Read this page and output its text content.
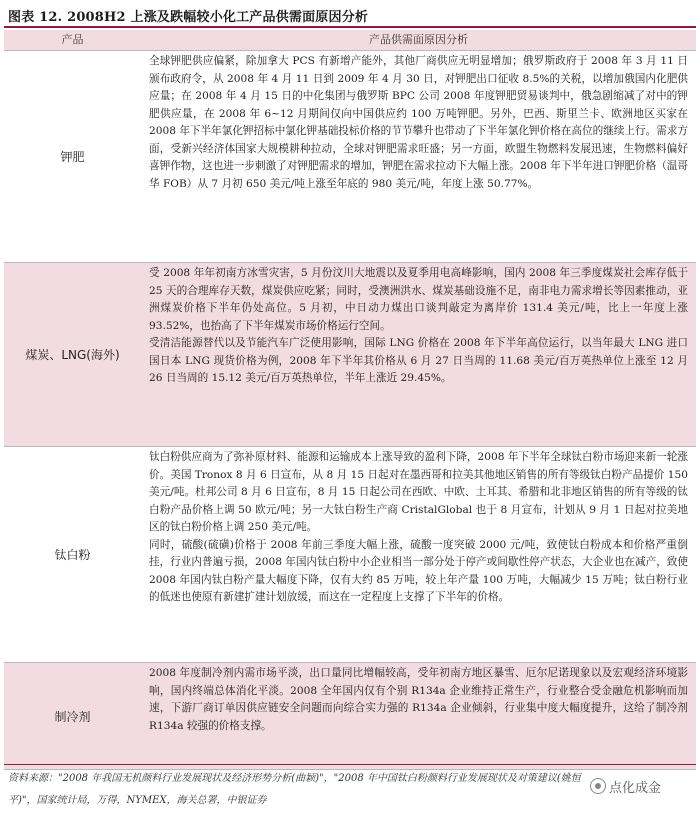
图表 12. 2008H2 上涨及跌幅较小化工产品供需面原因分析
产品	产品供需面原因分析
钾肥

全球钾肥供应偏紧，除加拿大 PCS 有新增产能外，其他厂商供应无明显增加；俄罗斯政府于 2008 年 3 月 11 日颁布政府令，从 2008 年 4 月 11 日到 2009 年 4 月 30 日，对钾肥出口征收 8.5%的关税，以增加俄国内化肥供应量；在 2008 年 4 月 15 日的中化集团与俄罗斯 BPC 公司 2008 年度钾肥贸易谈判中，俄急剧缩减了对中的钾肥供应量，在 2008 年 6~12 月期间仅向中国供应约 100 万吨钾肥。另外，巴西、斯里兰卡、欧洲地区买家在 2008 年下半年氯化钾招标中氯化钾基础投标价格的节节攀升也带动了下半年氯化钾价格在高位的继续上行。需求方面，受新兴经济体国家大规模耕种拉动，全球对钾肥需求旺盛；另一方面，欧盟生物燃料发展迅速，生物燃料偏好喜钾作物，这也进一步刺激了对钾肥需求的增加，钾肥在需求拉动下大幅上涨。2008 年下半年进口钾肥价格（温哥华 FOB）从 7 月初 650 美元/吨上涨至年底的 980 美元/吨，年度上涨 50.77%。

煤炭、LNG(海外)

受 2008 年年初南方冰雪灾害，5 月份汶川大地震以及夏季用电高峰影响，国内 2008 年三季度煤炭社会库存低于 25 天的合理库存天数，煤炭供应吃紧；同时，受澳洲洪水、煤炭基础设施不足，南非电力需求增长等因素推动，亚洲煤炭价格下半年仍处高位。5 月初，中日动力煤出口谈判敲定为离岸价 131.4 美元/吨，比上一年度上涨 93.52%，也抬高了下半年煤炭市场价格运行空间。

受清洁能源替代以及节能汽车广泛使用影响，国际 LNG 价格在 2008 年下半年高位运行，以当年最大 LNG 进口国日本 LNG 现货价格为例，2008 年下半年其价格从 6 月 27 日当周的 11.68 美元/百万英热单位上涨至 12 月 26 日当周的 15.12 美元/百万英热单位，半年上涨近 29.45%。

钛白粉

钛白粉供应商为了弥补原材料、能源和运输成本上涨导致的盈利下降，2008 年下半年全球钛白粉市场迎来新一轮涨价。美国 Tronox 8 月 6 日宣布，从 8 月 15 日起对在墨西哥和拉美其他地区销售的所有等级钛白粉产品提价 150 美元/吨。杜邦公司 8 月 6 日宣布，8 月 15 日起公司在西欧、中欧、土耳其、希腊和北非地区销售的所有等级的钛白粉产品价格上调 50 欧元/吨；另一大钛白粉生产商 CristalGlobal 也于 8 月宣布，计划从 9 月 1 日起对拉美地区的钛白粉价格上调 250 美元/吨。

同时，硫酸(硫磺)价格于 2008 年前三季度大幅上涨，硫酸一度突破 2000 元/吨，致使钛白粉成本和价格严重倒挂，行业内普遍亏损，2008 年国内钛白粉中小企业相当一部分处于停产或间歇性停产状态，大企业也在减产，致使 2008 年国内钛白粉产量大幅度下降，仅有大约 85 万吨，较上年产量 100 万吨，大幅减少 15 万吨；钛白粉行业的低迷也使原有新建扩建计划放缓，而这在一定程度上支撑了下半年的价格。

制冷剂

2008 年度制冷剂内需市场平淡，出口量同比增幅较高，受年初南方地区暴雪、厄尔尼诺现象以及宏观经济环境影响，国内终端总体消化平淡。2008 全年国内仅有个别 R134a 企业维持正常生产，行业整合受金融危机影响而加速，下游厂商订单因供应链安全问题而向综合实力强的 R134a 企业倾斜，行业集中度大幅度提升，这给了制冷剂 R134a 较强的价格支撑。

资料来源："2008 年我国无机颜料行业发展现状及经济形势分析(曲颖)"，"2008 年中国钛白粉颜料行业发展现状及对策建议(姚恒平)"，国家统计局，万得，NYMEX，海关总署，中银证券
点化成金
